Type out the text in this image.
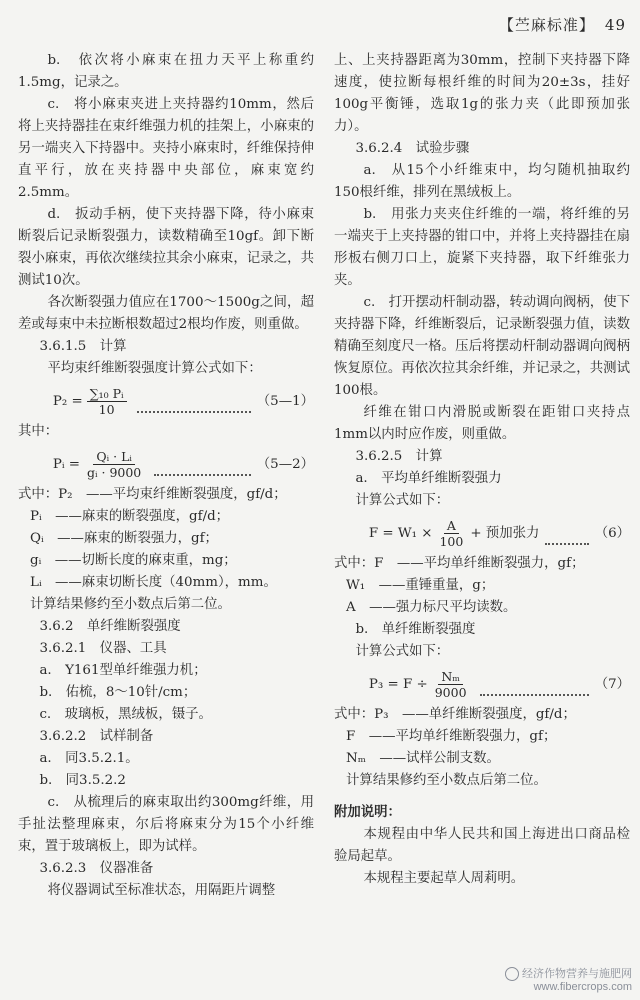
【苎麻标准】 49

b.　依次将小麻束在扭力天平上称重约1.5mg，记录之。

c.　将小麻束夹进上夹持器约10mm，然后将上夹持器挂在束纤维强力机的挂架上，小麻束的另一端夹入下持器中。夹持小麻束时，纤维保持伸直平行，放在夹持器中央部位，麻束宽约2.5mm。

d.　扳动手柄，使下夹持器下降，待小麻束断裂后记录断裂强力，读数精确至10gf。卸下断裂小麻束，再依次继续拉其余小麻束，记录之，共测试10次。

各次断裂强力值应在1700～1500g之间，超差或每束中未拉断根数超过2根均作废，则重做。

3.6.1.5　计算

平均束纤维断裂强度计算公式如下：

$P_2 = \frac{\text{∑₁₀ Pᵢ}}{10}$	（5—1）

其中：

Pᵢ = $\frac{\text{Qᵢ · Lᵢ}}{\text{gᵢ · 9000}}$	（5—2）

式中：P₂　——平均束纤维断裂强度，gf/d；

Pᵢ　——麻束的断裂强度，gf/d；

Qᵢ　——麻束的断裂强力，gf；

gᵢ　——切断长度的麻束重，mg；

Lᵢ　——麻束切断长度（40mm），mm。

计算结果修约至小数点后第二位。

3.6.2　单纤维断裂强度

3.6.2.1　仪器、工具

a.　Y161型单纤维强力机；

b.　佑梳，8～10针/cm；

c.　玻璃板，黑绒板，镊子。

3.6.2.2　试样制备

a.　同3.5.2.1。

b.　同3.5.2.2

c.　从梳理后的麻束取出约300mg纤维，用手扯法整理麻束，尔后将麻束分为15个小纤维束，置于玻璃板上，即为试样。

3.6.2.3　仪器准备

将仪器调试至标准状态，用隔距片调整

上、上夹持器距离为30mm，控制下夹持器下降速度，使拉断每根纤维的时间为20±3s，挂好100g平衡锤，选取1g的张力夹（此即预加张力）。

3.6.2.4　试验步骤

a.　从15个小纤维束中，均匀随机抽取约150根纤维，排列在黑绒板上。

b.　用张力夹夹住纤维的一端，将纤维的另一端夹于上夹持器的钳口中，并将上夹持器挂在扇形板右侧刀口上，旋紧下夹持器，取下纤维张力夹。

c.　打开摆动杆制动器，转动调向阀柄，使下夹持器下降，纤维断裂后，记录断裂强力值，读数精确至刻度尺一格。压后将摆动杆制动器调向阀柄恢复原位。再依次拉其余纤维，并记录之，共测试100根。

纤维在钳口内滑脱或断裂在距钳口夹持点1mm以内时应作废，则重做。

3.6.2.5　计算

a.　平均单纤维断裂强力

计算公式如下：

$F = W_1 \times \frac{A}{100}$ + 预加张力	（6）

式中：F　——平均单纤维断裂强力，gf；

W₁　——重锤重量，g；

A　——强力标尺平均读数。

b.　单纤维断裂强度

计算公式如下：

$P_3 = F \div \frac{\text{Nₘ}}{9000}$	（7）

式中：P₃　——单纤维断裂强度，gf/d；

F　——平均单纤维断裂强力，gf；

Nₘ　——试样公制支数。

计算结果修约至小数点后第二位。

附加说明：

本规程由中华人民共和国上海进出口商品检验局起草。

本规程主要起草人周莉明。

经济作物营养与施肥网
www.fibercrops.com
